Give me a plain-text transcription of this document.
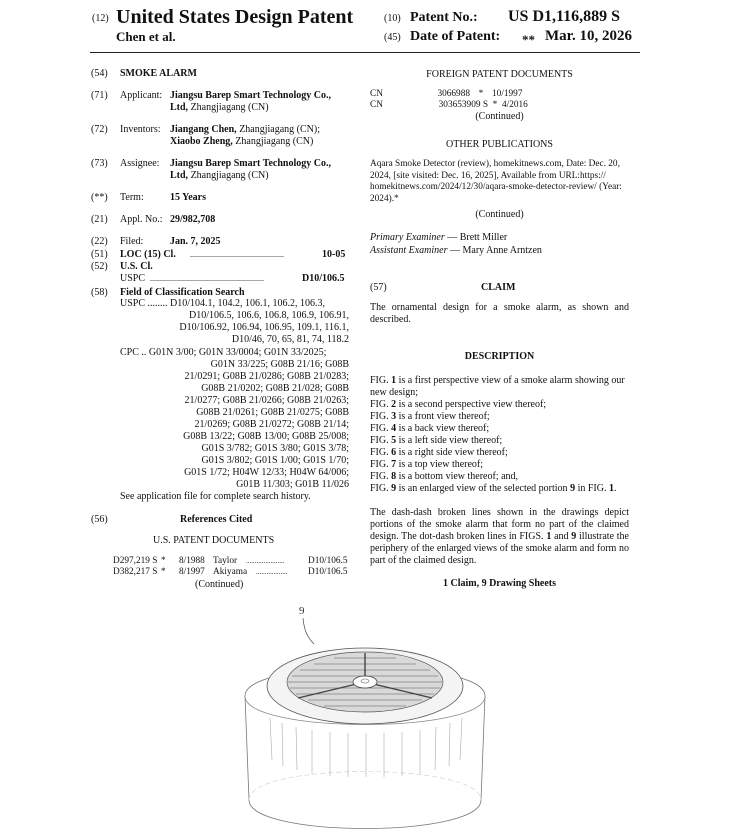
(12) United States Design Patent
Chen et al.
(10) Patent No.: US D1,116,889 S
(45) Date of Patent: ** Mar. 10, 2026
(54) SMOKE ALARM
(71) Applicant: Jiangsu Barep Smart Technology Co.,
Ltd, Zhangjiagang (CN)
(72) Inventors: Jiangang Chen, Zhangjiagang (CN);
Xiaobo Zheng, Zhangjiagang (CN)
(73) Assignee: Jiangsu Barep Smart Technology Co.,
Ltd, Zhangjiagang (CN)
(**) Term:	15 Years
(21) Appl. No.: 29/982,708
(22) Filed:	Jan. 7, 2025
(51) LOC (15) Cl. ...............................................	10-05
(52) U.S. Cl.
USPC .........................................................	D10/106.5
(58) Field of Classification Search
USPC ........ D10/104.1, 104.2, 106.1, 106.2, 106.3,
D10/106.5, 106.6, 106.8, 106.9, 106.91,
D10/106.92, 106.94, 106.95, 109.1, 116.1,
D10/46, 70, 65, 81, 74, 118.2
CPC .. G01N 3/00; G01N 33/0004; G01N 33/2025;
G01N 33/225; G08B 21/16; G08B
21/0291; G08B 21/0286; G08B 21/0283;
G08B 21/0202; G08B 21/028; G08B
21/0277; G08B 21/0266; G08B 21/0263;
G08B 21/0261; G08B 21/0275; G08B
21/0269; G08B 21/0272; G08B 21/14;
G08B 13/22; G08B 13/00; G08B 25/008;
G01S 3/782; G01S 3/80; G01S 3/78;
G01S 3/802; G01S 1/00; G01S 1/70;
G01S 1/72; H04W 12/33; H04W 64/006;
G01B 11/303; G01B 11/026
See application file for complete search history.
(56)	References Cited
U.S. PATENT DOCUMENTS
D297,219 S * 8/1988 Taylor ......................	D10/106.5
D382,217 S * 8/1997 Akiyama .................. D10/106.5
(Continued)
FOREIGN PATENT DOCUMENTS
CN	3066988 * 10/1997
CN	303653909 S * 4/2016
(Continued)
OTHER PUBLICATIONS
Aqara Smoke Detector (review), homekitnews.com, Date: Dec. 20,
2024, [site visited: Dec. 16, 2025], Available from URL:https://
homekitnews.com/2024/12/30/aqara-smoke-detector-review/ (Year:
2024).*
(Continued)
Primary Examiner — Brett Miller
Assistant Examiner — Mary Anne Arntzen
(57)	CLAIM
The ornamental design for a smoke alarm, as shown and described.
DESCRIPTION
FIG. 1 is a first perspective view of a smoke alarm showing our new design;
FIG. 2 is a second perspective view thereof;
FIG. 3 is a front view thereof;
FIG. 4 is a back view thereof;
FIG. 5 is a left side view thereof;
FIG. 6 is a right side view thereof;
FIG. 7 is a top view thereof;
FIG. 8 is a bottom view thereof; and,
FIG. 9 is an enlarged view of the selected portion 9 in FIG. 1.
The dash-dash broken lines shown in the drawings depict portions of the smoke alarm that form no part of the claimed design. The dot-dash broken lines in FIGS. 1 and 9 illustrate the periphery of the enlarged views of the smoke alarm and form no part of the claimed design.
1 Claim, 9 Drawing Sheets
9
